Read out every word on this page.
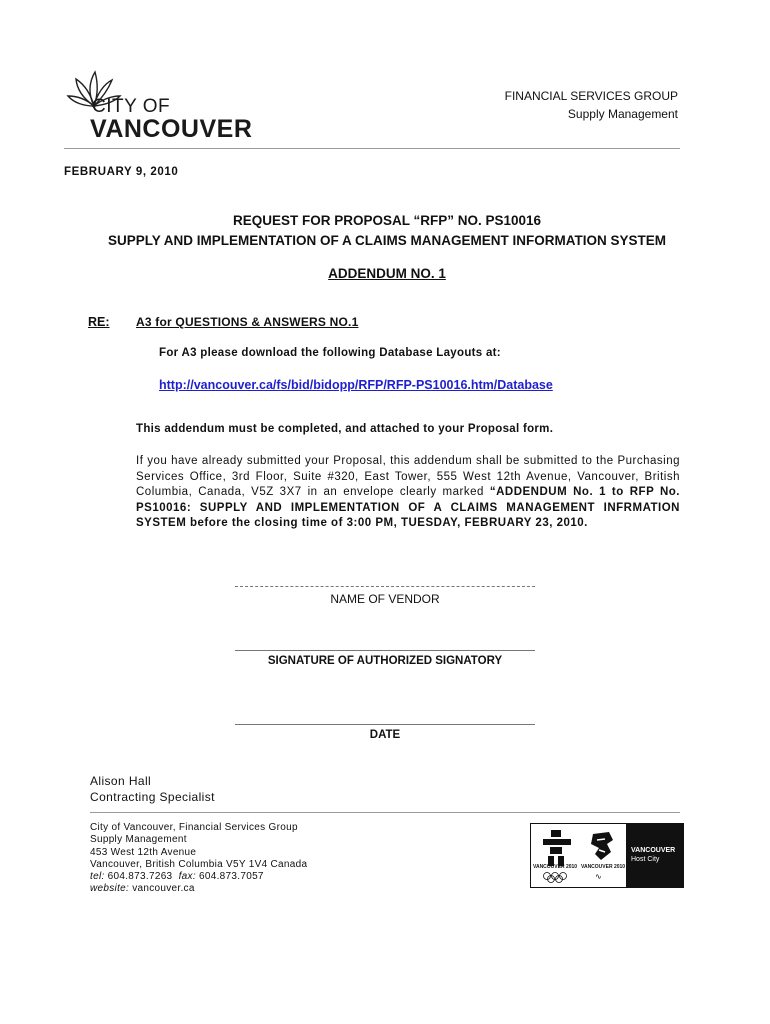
CITY OF
VANCOUVER
FINANCIAL SERVICES GROUP
Supply Management
FEBRUARY 9, 2010
REQUEST FOR PROPOSAL “RFP” NO. PS10016
SUPPLY AND IMPLEMENTATION OF A CLAIMS MANAGEMENT INFORMATION SYSTEM
ADDENDUM NO. 1
RE: A3 for QUESTIONS & ANSWERS NO.1
For A3 please download the following Database Layouts at:
http://vancouver.ca/fs/bid/bidopp/RFP/RFP-PS10016.htm/Database
This addendum must be completed, and attached to your Proposal form.
If you have already submitted your Proposal, this addendum shall be submitted to the Purchasing Services Office, 3rd Floor, Suite #320, East Tower, 555 West 12th Avenue, Vancouver, British Columbia, Canada, V5Z 3X7 in an envelope clearly marked “ADDENDUM No. 1 to RFP No. PS10016: SUPPLY AND IMPLEMENTATION OF A CLAIMS MANAGEMENT INFRMATION SYSTEM before the closing time of 3:00 PM, TUESDAY, FEBRUARY 23, 2010.
NAME OF VENDOR
SIGNATURE OF AUTHORIZED SIGNATORY
DATE
Alison Hall
Contracting Specialist
City of Vancouver, Financial Services Group
Supply Management
453 West 12th Avenue
Vancouver, British Columbia V5Y 1V4 Canada
tel: 604.873.7263 fax: 604.873.7057
website: vancouver.ca
VANCOUVER 2010 VANCOUVER 2010
∿
VANCOUVER
Host City
